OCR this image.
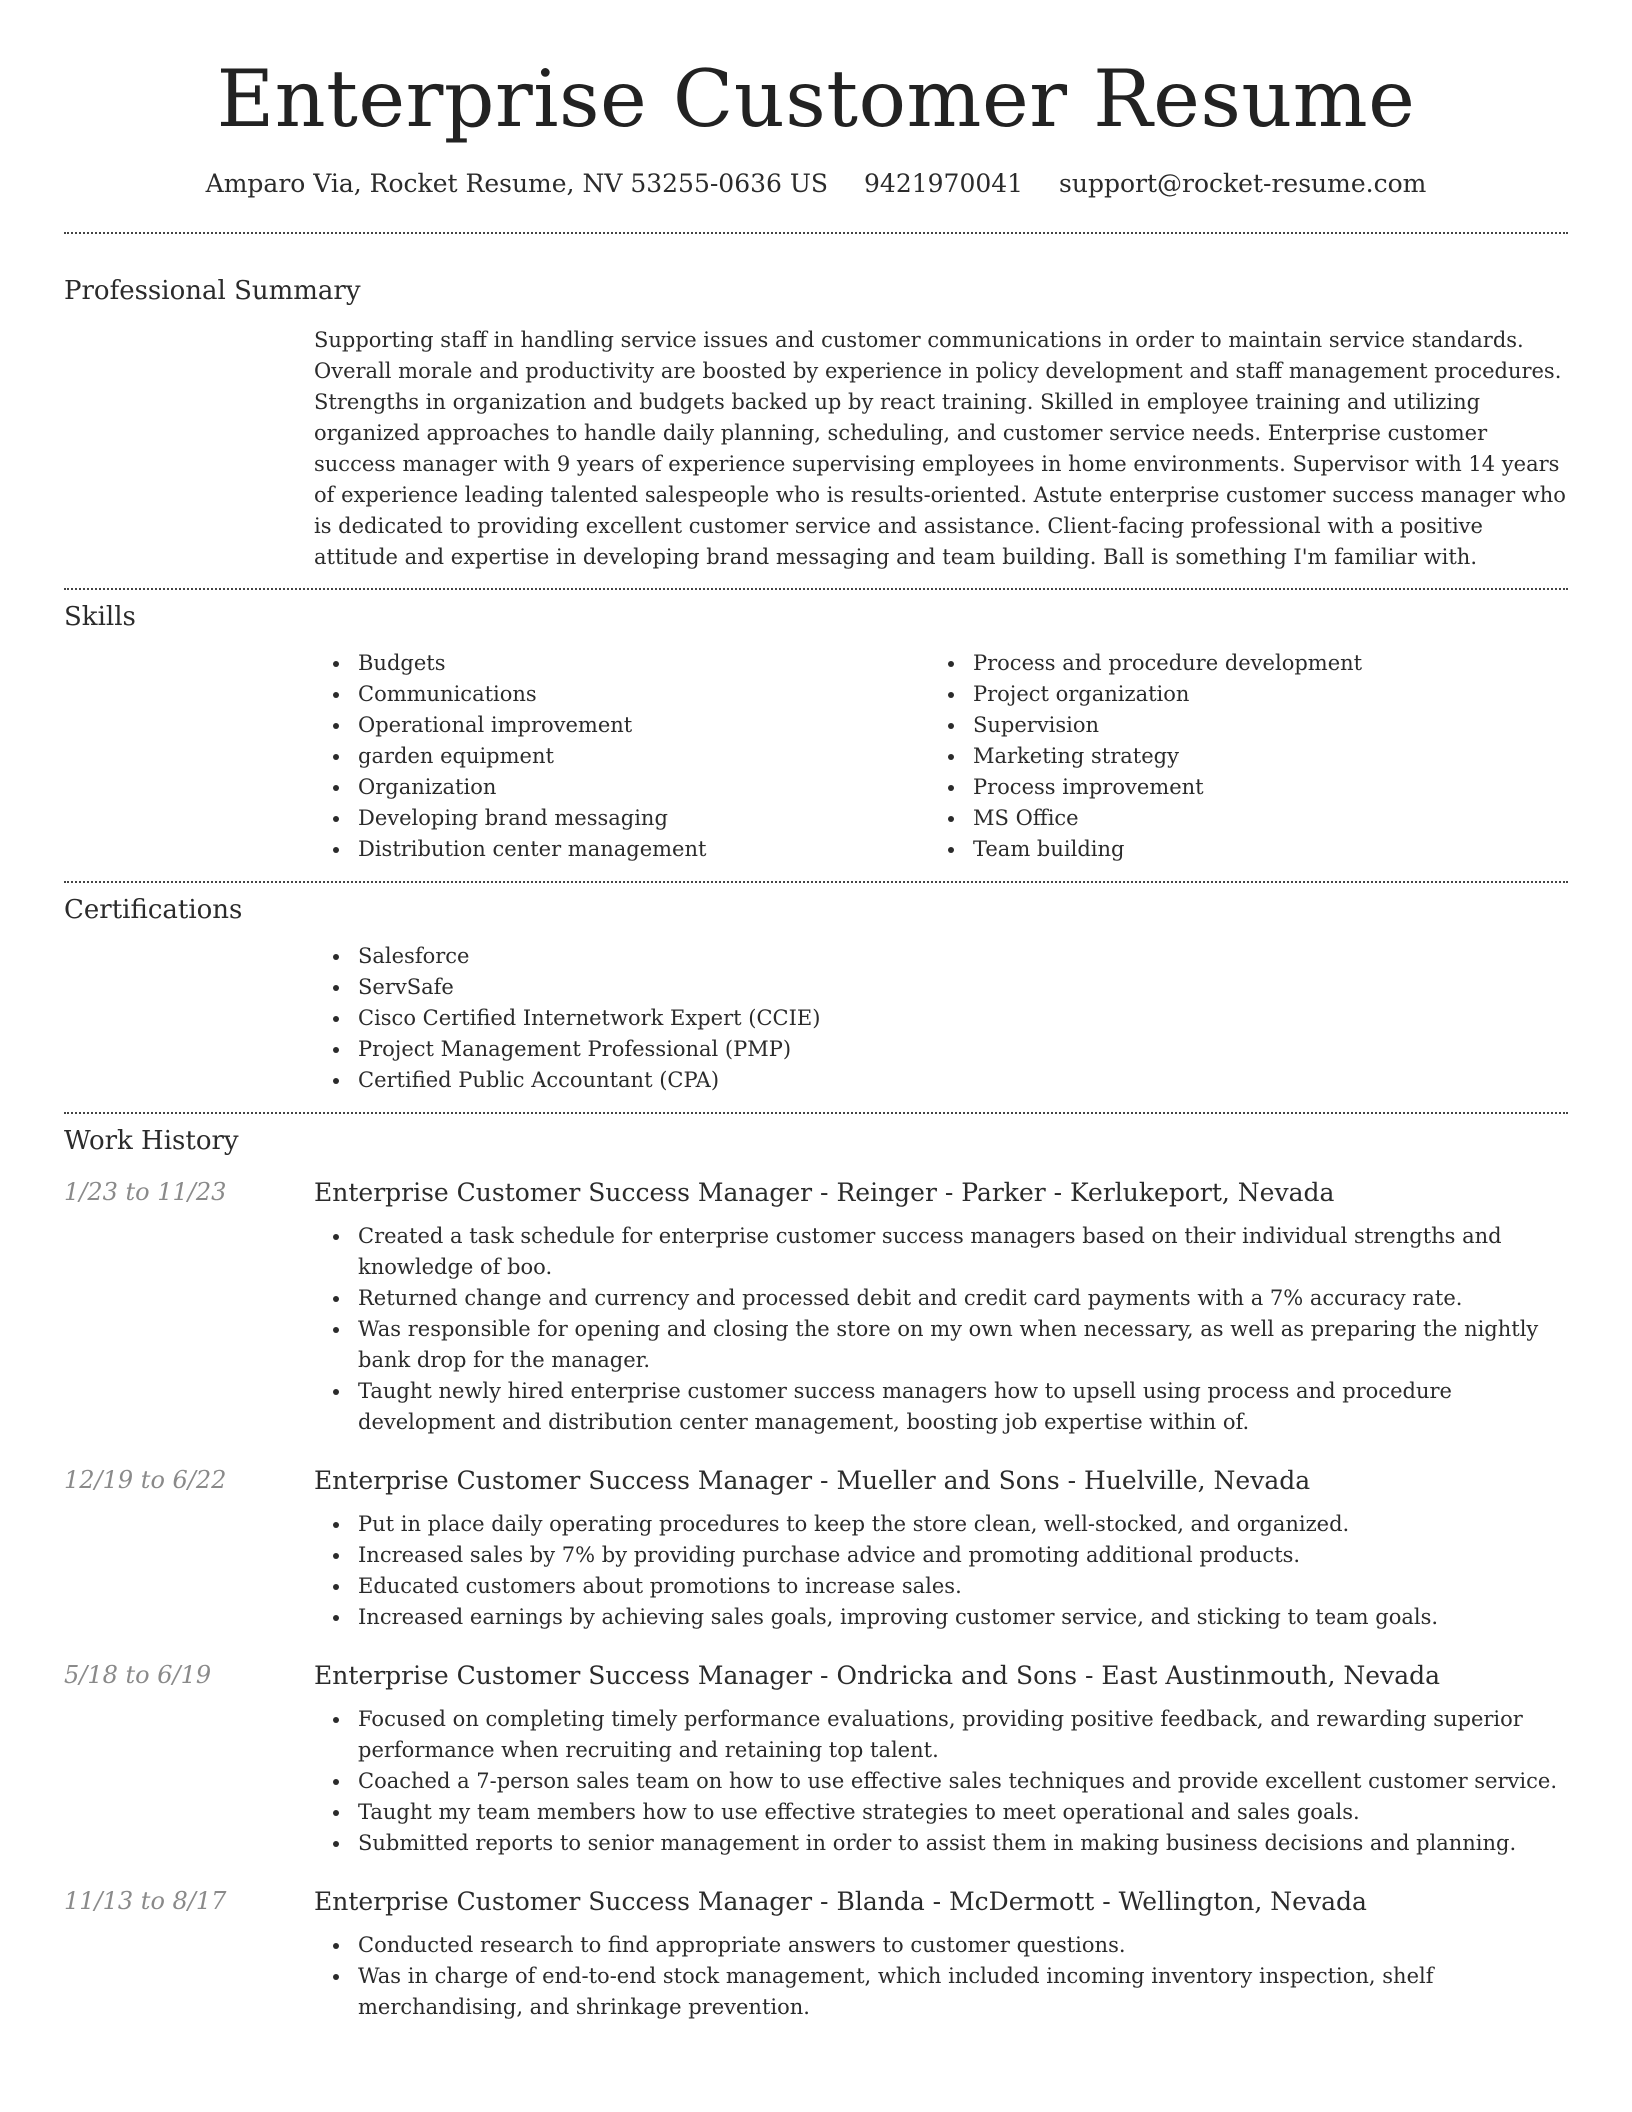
Enterprise Customer Resume
Amparo Via, Rocket Resume, NV 53255-0636 US 9421970041 support@rocket-resume.com
Professional Summary

Supporting staff in handling service issues and customer communications in order to maintain service standards. Overall morale and productivity are boosted by experience in policy development and staff management procedures. Strengths in organization and budgets backed up by react training. Skilled in employee training and utilizing organized approaches to handle daily planning, scheduling, and customer service needs. Enterprise customer success manager with 9 years of experience supervising employees in home environments. Supervisor with 14 years of experience leading talented salespeople who is results-oriented. Astute enterprise customer success manager who is dedicated to providing excellent customer service and assistance. Client-facing professional with a positive attitude and expertise in developing brand messaging and team building. Ball is something I'm familiar with.

Skills
Budgets
Communications
Operational improvement
garden equipment
Organization
Developing brand messaging
Distribution center management
Process and procedure development
Project organization
Supervision
Marketing strategy
Process improvement
MS Office
Team building
Certifications
Salesforce
ServSafe
Cisco Certified Internetwork Expert (CCIE)
Project Management Professional (PMP)
Certified Public Accountant (CPA)
Work History
1/23 to 11/23	Enterprise Customer Success Manager - Reinger - Parker - Kerlukeport, Nevada
Created a task schedule for enterprise customer success managers based on their individual strengths and knowledge of boo.
Returned change and currency and processed debit and credit card payments with a 7% accuracy rate.
Was responsible for opening and closing the store on my own when necessary, as well as preparing the nightly bank drop for the manager.
Taught newly hired enterprise customer success managers how to upsell using process and procedure development and distribution center management, boosting job expertise within of.
12/19 to 6/22	Enterprise Customer Success Manager - Mueller and Sons - Huelville, Nevada
Put in place daily operating procedures to keep the store clean, well-stocked, and organized.
Increased sales by 7% by providing purchase advice and promoting additional products.
Educated customers about promotions to increase sales.
Increased earnings by achieving sales goals, improving customer service, and sticking to team goals.
5/18 to 6/19	Enterprise Customer Success Manager - Ondricka and Sons - East Austinmouth, Nevada
Focused on completing timely performance evaluations, providing positive feedback, and rewarding superior performance when recruiting and retaining top talent.
Coached a 7-person sales team on how to use effective sales techniques and provide excellent customer service.
Taught my team members how to use effective strategies to meet operational and sales goals.
Submitted reports to senior management in order to assist them in making business decisions and planning.
11/13 to 8/17	Enterprise Customer Success Manager - Blanda - McDermott - Wellington, Nevada
Conducted research to find appropriate answers to customer questions.
Was in charge of end-to-end stock management, which included incoming inventory inspection, shelf merchandising, and shrinkage prevention.
